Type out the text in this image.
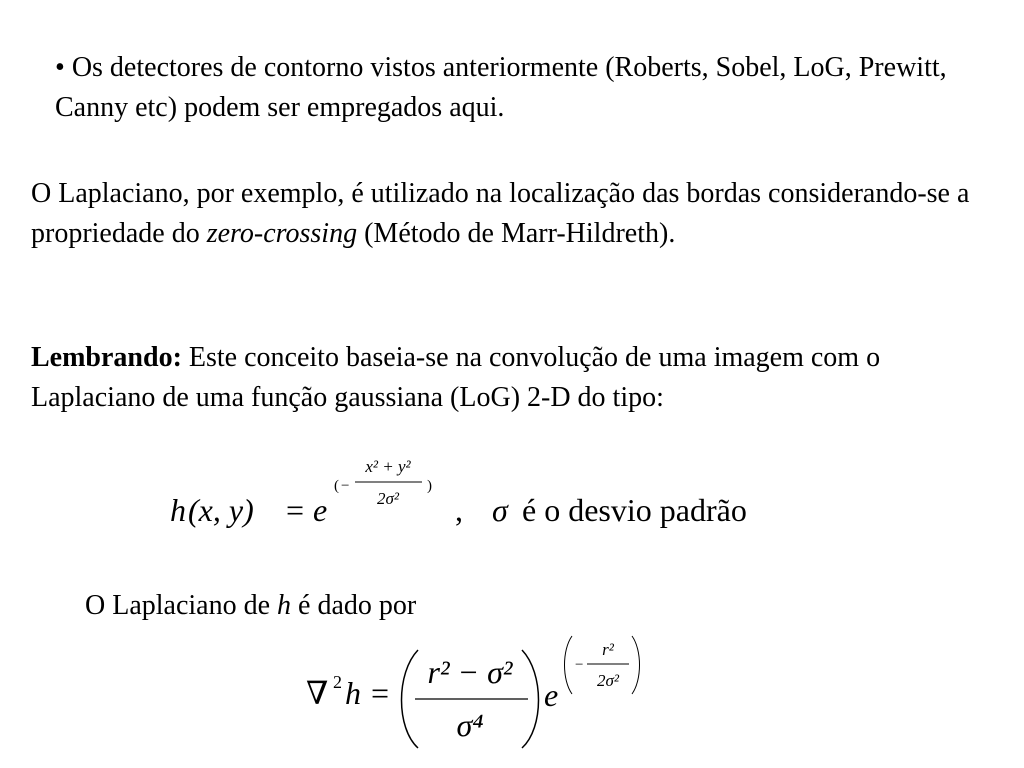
• Os detectores de contorno vistos anteriormente (Roberts, Sobel, LoG, Prewitt, Canny etc) podem ser empregados aqui.

O Laplaciano, por exemplo, é utilizado na localização das bordas considerando-se a propriedade do zero-crossing (Método de Marr-Hildreth).

Lembrando: Este conceito baseia-se na convolução de uma imagem com o Laplaciano de uma função gaussiana (LoG) 2-D do tipo:

h (x, y) = e
( −
x² + y²
2σ²
)
, σ é o desvio padrão

O Laplaciano de h é dado por

∇ 2 h =
r² − σ²
σ⁴
e
−
r²
2σ²
